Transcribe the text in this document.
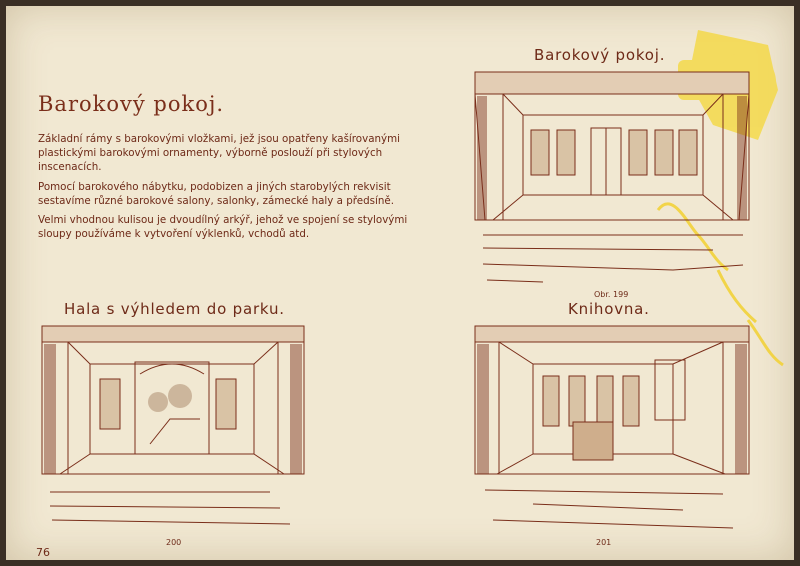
Barokový pokoj.

Základní rámy s barokovými vložkami, jež jsou opatřeny kašírovanými plastickými barokovými ornamenty, výborně poslouží při stylových inscenacích.

Pomocí barokového nábytku, podobizen a jiných starobylých rekvisit sestavíme různé barokové salony, salonky, zámecké haly a předsíně.

Velmi vhodnou kulisou je dvoudílný arkýř, jehož ve spojení se stylovými sloupy používáme k vytvoření výklenků, vchodů atd.

Barokový pokoj.
Obr. 199
Hala s výhledem do parku.
200
Knihovna.
201
76
